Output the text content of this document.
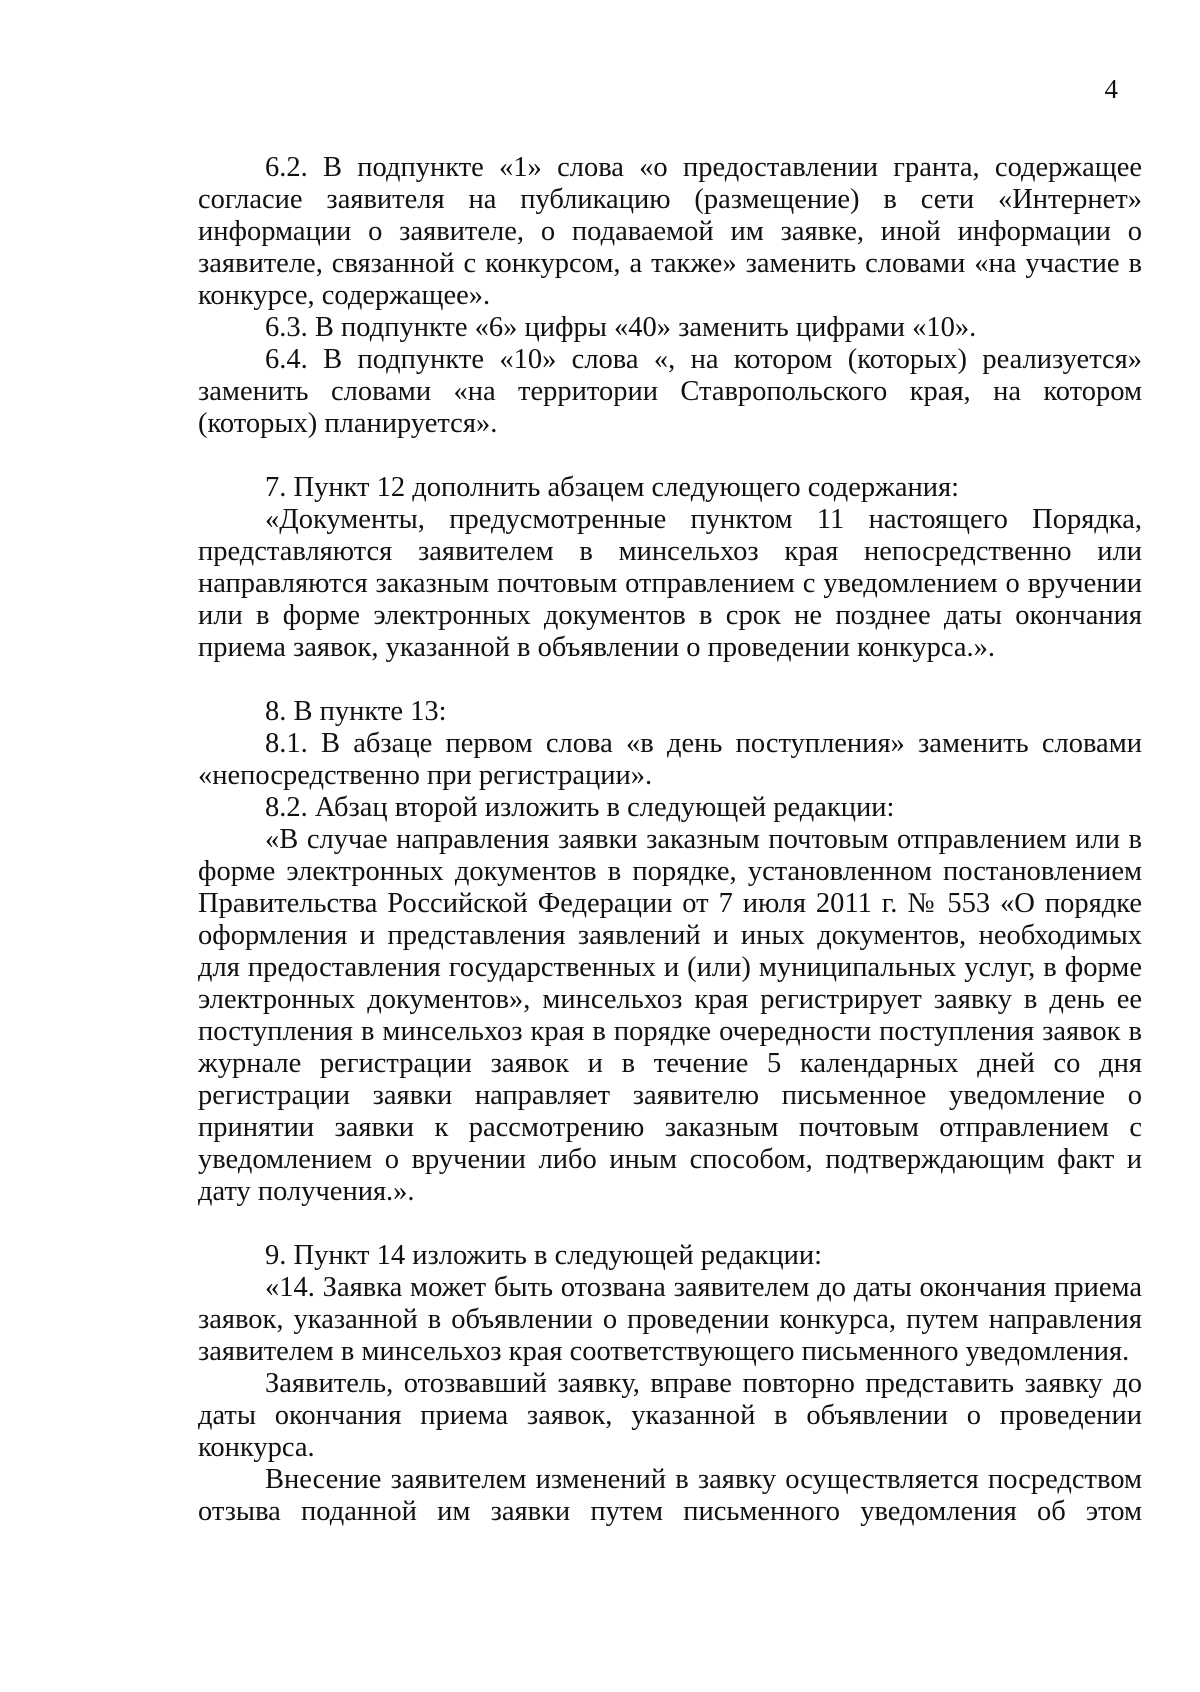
4

6.2. В подпункте «1» слова «о предоставлении гранта, содержащее согласие заявителя на публикацию (размещение) в сети «Интернет» информации о заявителе, о подаваемой им заявке, иной информации о заявителе, связанной с конкурсом, а также» заменить словами «на участие в конкурсе, содержащее».

6.3. В подпункте «6» цифры «40» заменить цифрами «10».

6.4. В подпункте «10» слова «, на котором (которых) реализуется» заменить словами «на территории Ставропольского края, на котором (которых) планируется».

7. Пункт 12 дополнить абзацем следующего содержания:

«Документы, предусмотренные пунктом 11 настоящего Порядка, представляются заявителем в минсельхоз края непосредственно или направляются заказным почтовым отправлением с уведомлением о вручении или в форме электронных документов в срок не позднее даты окончания приема заявок, указанной в объявлении о проведении конкурса.».

8. В пункте 13:

8.1. В абзаце первом слова «в день поступления» заменить словами «непосредственно при регистрации».

8.2. Абзац второй изложить в следующей редакции:

«В случае направления заявки заказным почтовым отправлением или в форме электронных документов в порядке, установленном постановлением Правительства Российской Федерации от 7 июля 2011 г. № 553 «О порядке оформления и представления заявлений и иных документов, необходимых для предоставления государственных и (или) муниципальных услуг, в форме электронных документов», минсельхоз края регистрирует заявку в день ее поступления в минсельхоз края в порядке очередности поступления заявок в журнале регистрации заявок и в течение 5 календарных дней со дня регистрации заявки направляет заявителю письменное уведомление о принятии заявки к рассмотрению заказным почтовым отправлением с уведомлением о вручении либо иным способом, подтверждающим факт и дату получения.».

9. Пункт 14 изложить в следующей редакции:

«14. Заявка может быть отозвана заявителем до даты окончания приема заявок, указанной в объявлении о проведении конкурса, путем направления заявителем в минсельхоз края соответствующего письменного уведомления.

Заявитель, отозвавший заявку, вправе повторно представить заявку до даты окончания приема заявок, указанной в объявлении о проведении конкурса.

Внесение заявителем изменений в заявку осуществляется посредством отзыва поданной им заявки путем письменного уведомления об этом
